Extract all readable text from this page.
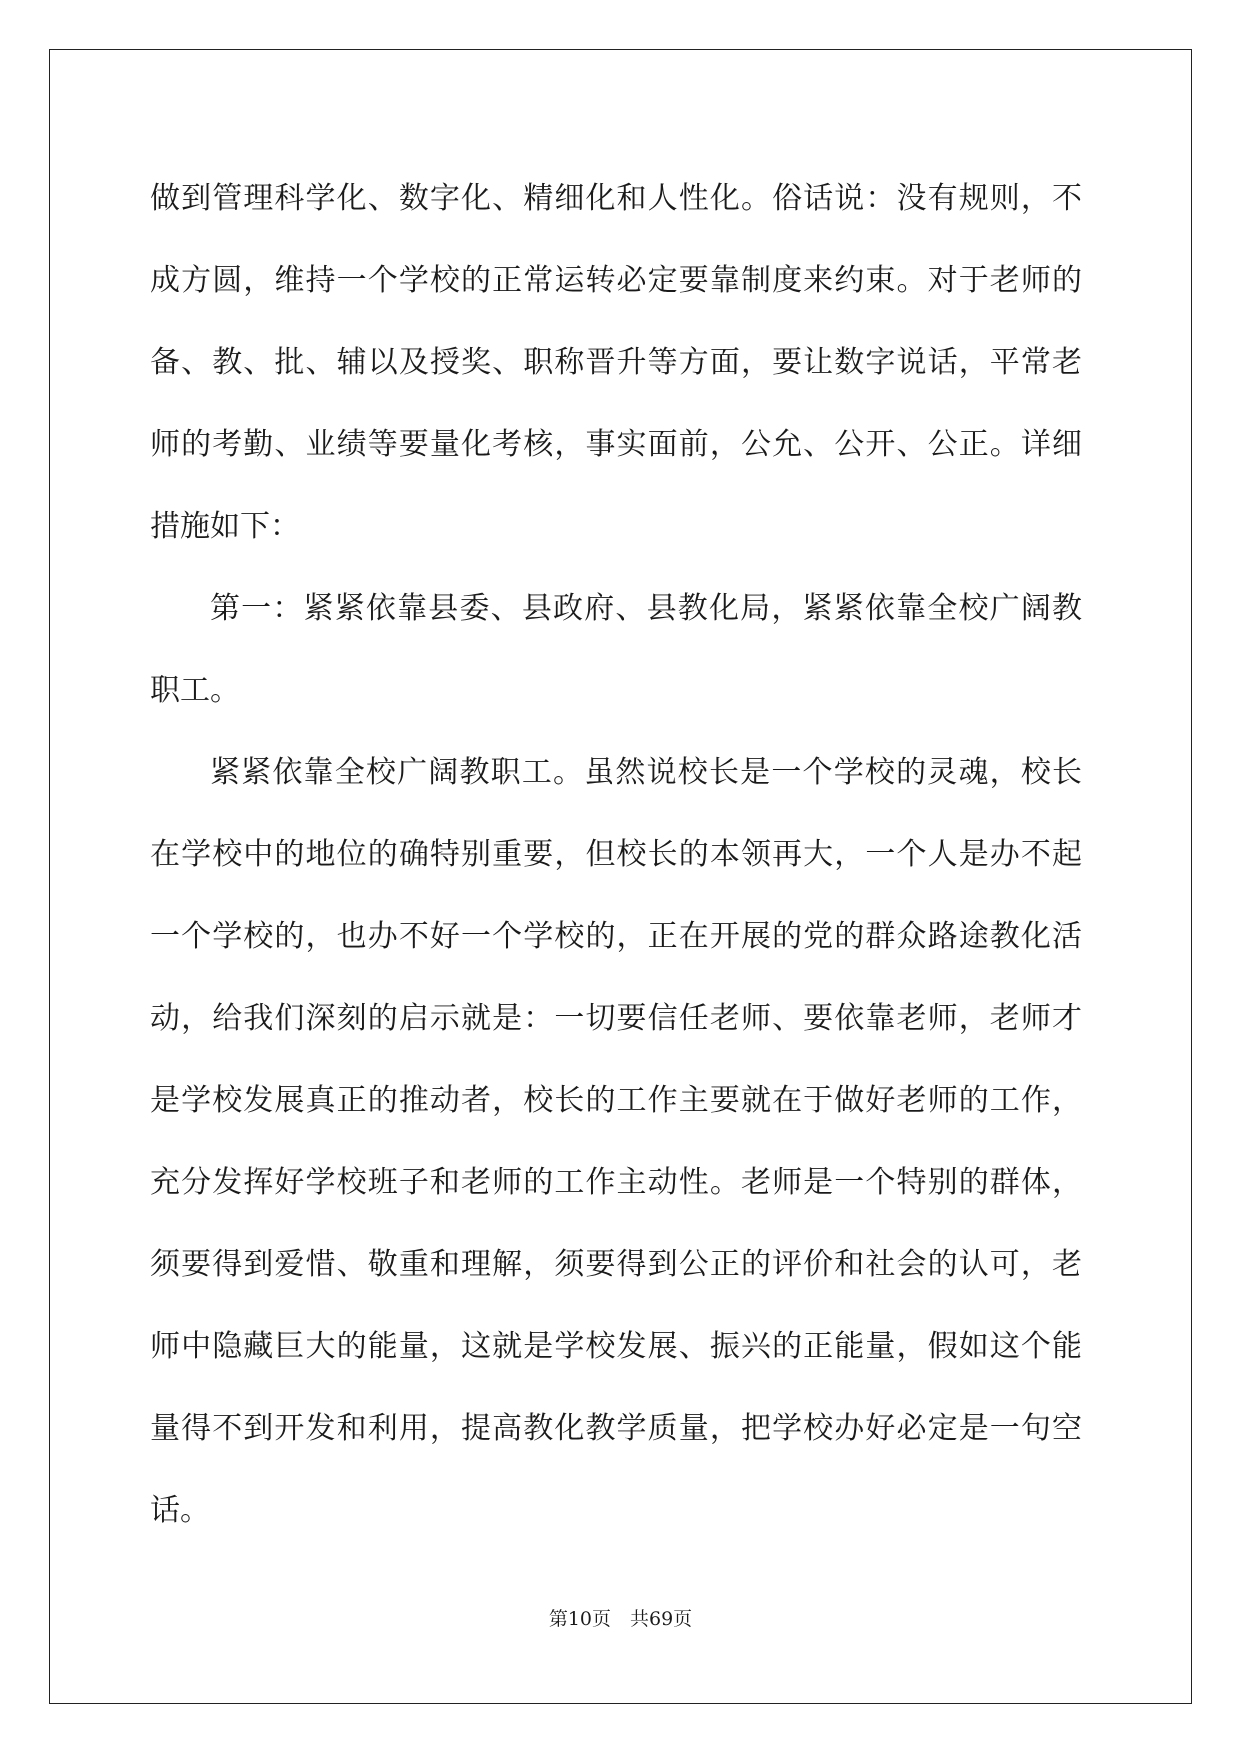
做到管理科学化、数字化、精细化和人性化。俗话说：没有规则，不
成方圆，维持一个学校的正常运转必定要靠制度来约束。对于老师的
备、教、批、辅以及授奖、职称晋升等方面，要让数字说话，平常老
师的考勤、业绩等要量化考核，事实面前，公允、公开、公正。详细
措施如下：
第一：紧紧依靠县委、县政府、县教化局，紧紧依靠全校广阔教
职工。
紧紧依靠全校广阔教职工。虽然说校长是一个学校的灵魂，校长
在学校中的地位的确特别重要，但校长的本领再大，一个人是办不起
一个学校的，也办不好一个学校的，正在开展的党的群众路途教化活
动，给我们深刻的启示就是：一切要信任老师、要依靠老师，老师才
是学校发展真正的推动者，校长的工作主要就在于做好老师的工作，
充分发挥好学校班子和老师的工作主动性。老师是一个特别的群体，
须要得到爱惜、敬重和理解，须要得到公正的评价和社会的认可，老
师中隐藏巨大的能量，这就是学校发展、振兴的正能量，假如这个能
量得不到开发和利用，提高教化教学质量，把学校办好必定是一句空
话。
第10页　共69页
